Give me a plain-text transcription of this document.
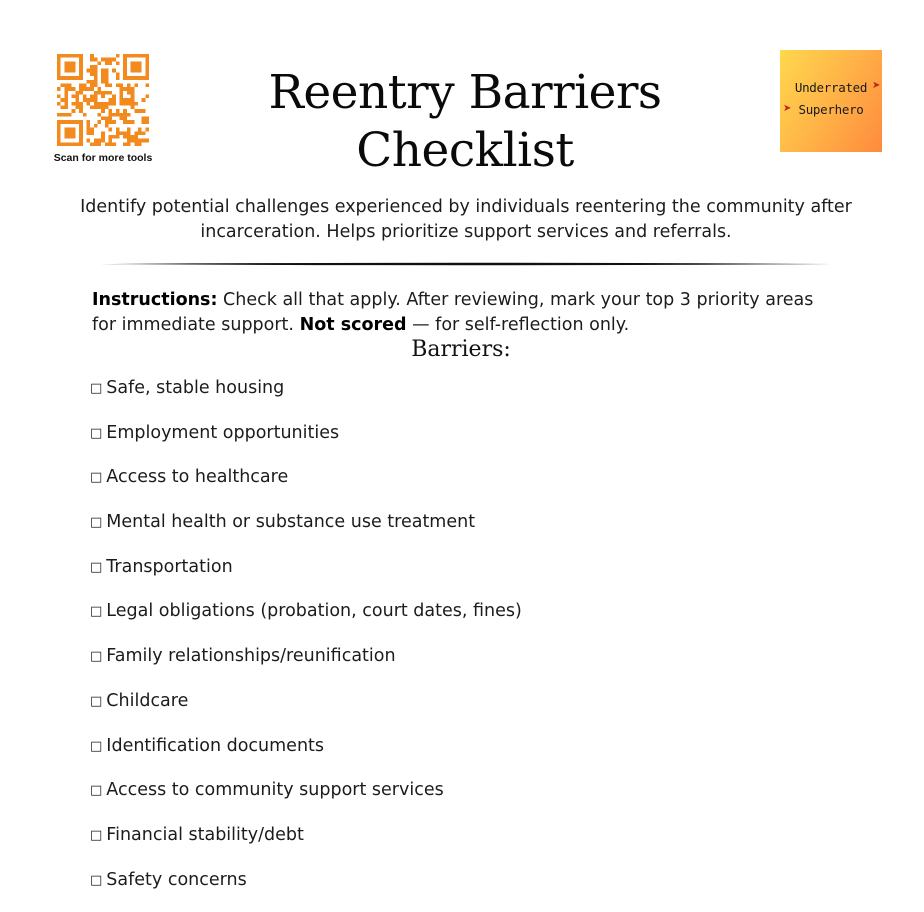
Scan for more tools
➤
Underrated
➤ Superhero
Reentry Barriers
Checklist

Identify potential challenges experienced by individuals reentering the community after incarceration. Helps prioritize support services and referrals.

Instructions: Check all that apply. After reviewing, mark your top 3 priority areas for immediate support. Not scored — for self-reflection only.

Barriers:
□ Safe, stable housing
□ Employment opportunities
□ Access to healthcare
□ Mental health or substance use treatment
□ Transportation
□ Legal obligations (probation, court dates, fines)
□ Family relationships/reunification
□ Childcare
□ Identification documents
□ Access to community support services
□ Financial stability/debt
□ Safety concerns
